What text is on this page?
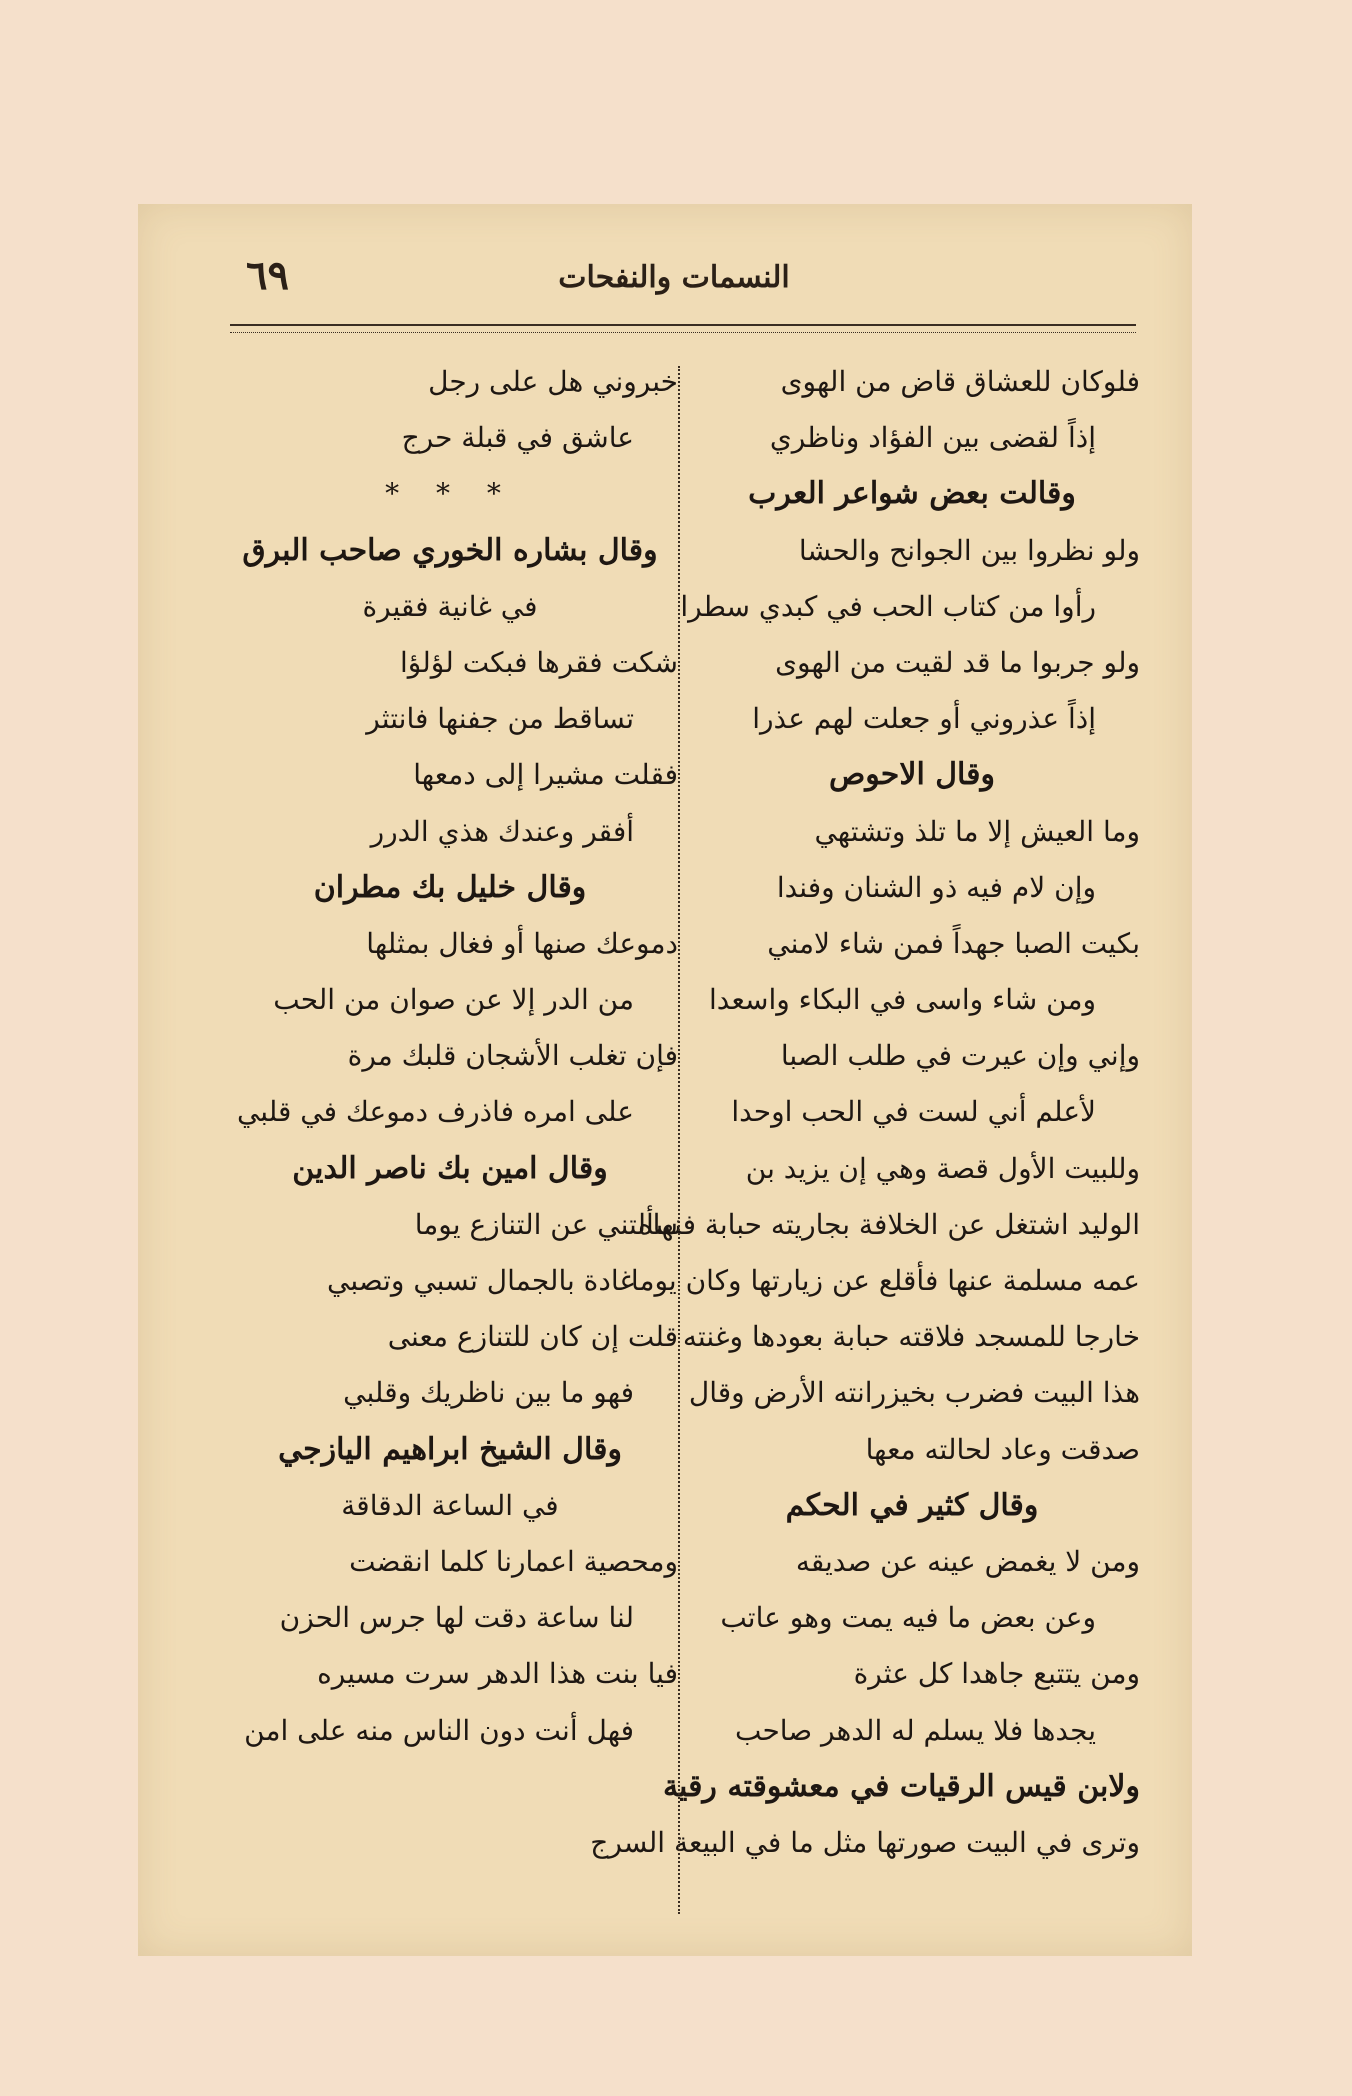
النسمات والنفحات
٦٩
فلوكان للعشاق قاض من الهوى
إذاً لقضى بين الفؤاد وناظري
وقالت بعض شواعر العرب
ولو نظروا بين الجوانح والحشا
رأوا من كتاب الحب في كبدي سطرا
ولو جربوا ما قد لقيت من الهوى
إذاً عذروني أو جعلت لهم عذرا
وقال الاحوص
وما العيش إلا ما تلذ وتشتهي
وإن لام فيه ذو الشنان وفندا
بكيت الصبا جهداً فمن شاء لامني
ومن شاء واسى في البكاء واسعدا
وإني وإن عيرت في طلب الصبا
لأعلم أني لست في الحب اوحدا
وللبيت الأول قصة وهي إن يزيد بن
الوليد اشتغل عن الخلافة بجاريته حبابة فنهاه
عمه مسلمة عنها فأقلع عن زيارتها وكان يوما
خارجا للمسجد فلاقته حبابة بعودها وغنته
هذا البيت فضرب بخيزرانته الأرض وقال
صدقت وعاد لحالته معها
وقال كثير في الحكم
ومن لا يغمض عينه عن صديقه
وعن بعض ما فيه يمت وهو عاتب
ومن يتتبع جاهدا كل عثرة
يجدها فلا يسلم له الدهر صاحب
ولابن قيس الرقيات في معشوقته رقية
وترى في البيت صورتها مثل ما في البيعة السرج
خبروني هل على رجل
عاشق في قبلة حرج
* * *
وقال بشاره الخوري صاحب البرق
في غانية فقيرة
شكت فقرها فبكت لؤلؤا
تساقط من جفنها فانتثر
فقلت مشيرا إلى دمعها
أفقر وعندك هذي الدرر
وقال خليل بك مطران
دموعك صنها أو فغال بمثلها
من الدر إلا عن صوان من الحب
فإن تغلب الأشجان قلبك مرة
على امره فاذرف دموعك في قلبي
وقال امين بك ناصر الدين
سألتني عن التنازع يوما
غادة بالجمال تسبي وتصبي
قلت إن كان للتنازع معنى
فهو ما بين ناظريك وقلبي
وقال الشيخ ابراهيم اليازجي
في الساعة الدقاقة
ومحصية اعمارنا كلما انقضت
لنا ساعة دقت لها جرس الحزن
فيا بنت هذا الدهر سرت مسيره
فهل أنت دون الناس منه على امن
